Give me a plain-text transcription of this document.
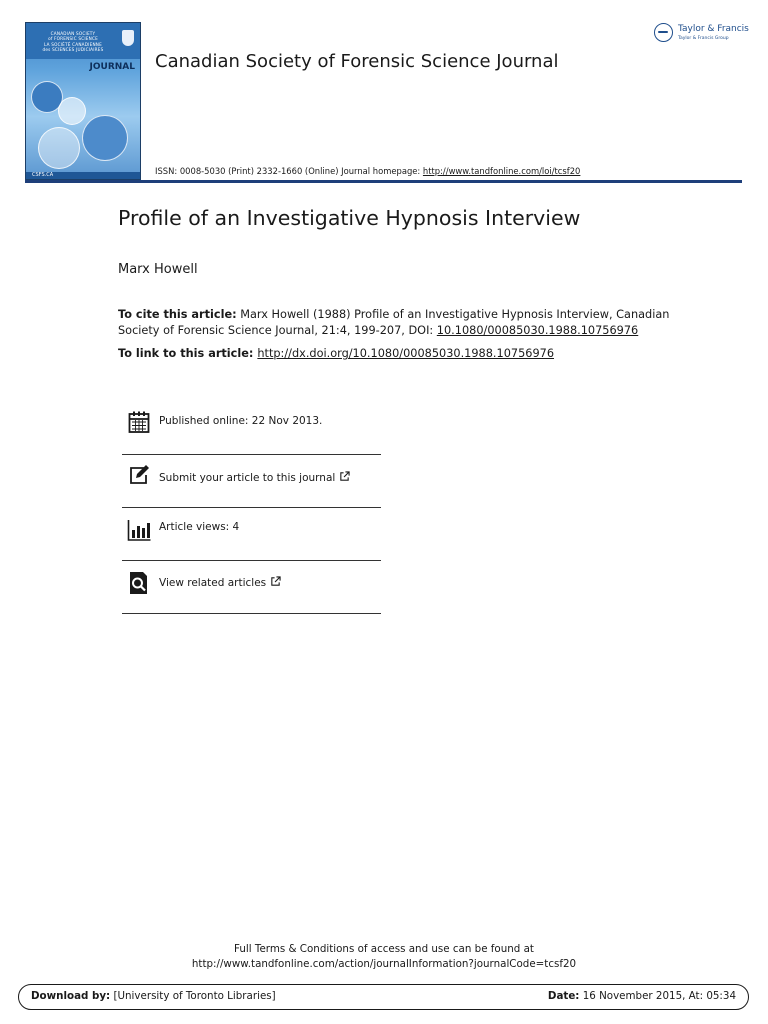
CANADIAN SOCIETY
of FORENSIC SCIENCE
LA SOCIÉTÉ CANADIENNE
des SCIENCES JUDICIAIRES
JOURNAL
CSFS.CA
Canadian Society of Forensic Science Journal
Taylor & Francis
Taylor & Francis Group
ISSN: 0008-5030 (Print) 2332-1660 (Online) Journal homepage: http://www.tandfonline.com/loi/tcsf20
Profile of an Investigative Hypnosis Interview
Marx Howell
To cite this article: Marx Howell (1988) Profile of an Investigative Hypnosis Interview, Canadian Society of Forensic Science Journal, 21:4, 199-207, DOI: 10.1080/00085030.1988.10756976
To link to this article: http://dx.doi.org/10.1080/00085030.1988.10756976
Published online: 22 Nov 2013.
Submit your article to this journal
Article views: 4
View related articles
Full Terms & Conditions of access and use can be found at
http://www.tandfonline.com/action/journalInformation?journalCode=tcsf20
Download by: [University of Toronto Libraries]	Date: 16 November 2015, At: 05:34
